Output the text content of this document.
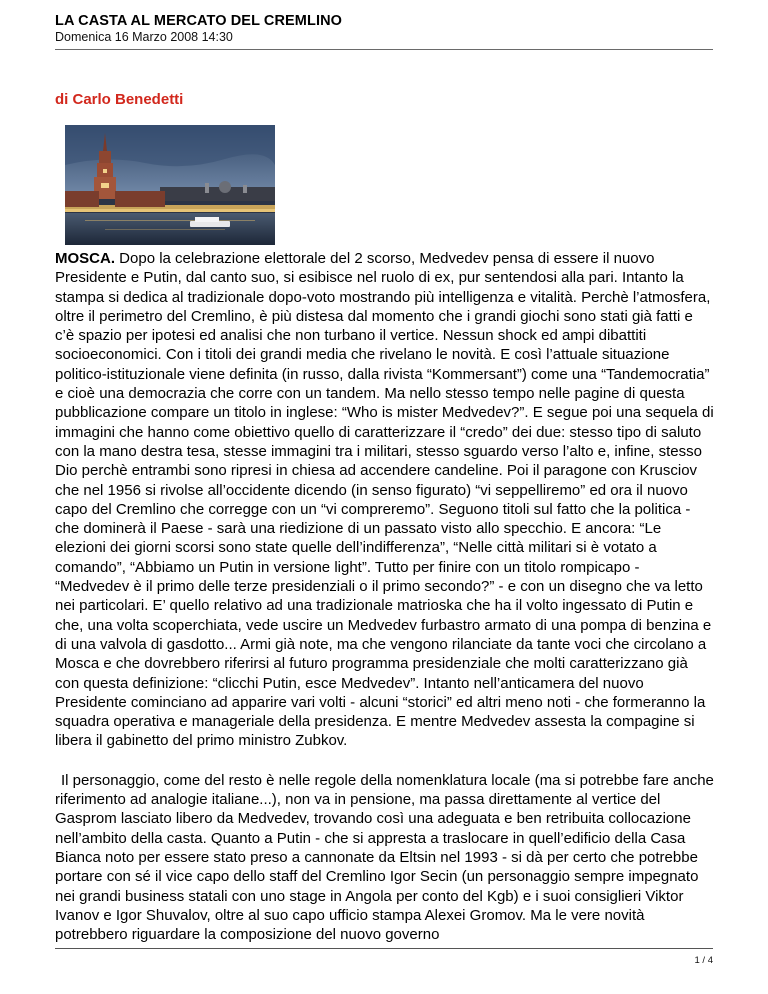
LA CASTA AL MERCATO DEL CREMLINO
Domenica 16 Marzo 2008 14:30
di Carlo Benedetti

MOSCA. Dopo la celebrazione elettorale del 2 scorso, Medvedev pensa di essere il nuovo Presidente e Putin, dal canto suo, si esibisce nel ruolo di ex, pur sentendosi alla pari. Intanto la stampa si dedica al tradizionale dopo-voto mostrando più intelligenza e vitalità. Perchè l’atmosfera, oltre il perimetro del Cremlino, è più distesa dal momento che i grandi giochi sono stati già fatti e c’è spazio per ipotesi ed analisi che non turbano il vertice. Nessun shock ed ampi dibattiti socioeconomici. Con i titoli dei grandi media che rivelano le novità. E così l’attuale situazione politico-istituzionale viene definita (in russo, dalla rivista “Kommersant”) come una “Tandemocratia” e cioè una democrazia che corre con un tandem. Ma nello stesso tempo nelle pagine di questa pubblicazione compare un titolo in inglese: “Who is mister Medvedev?”. E segue poi una sequela di immagini che hanno come obiettivo quello di caratterizzare il “credo” dei due: stesso tipo di saluto con la mano destra tesa, stesse immagini tra i militari, stesso sguardo verso l’alto e, infine, stesso Dio perchè entrambi sono ripresi in chiesa ad accendere candeline. Poi il paragone con Krusciov che nel 1956 si rivolse all’occidente dicendo (in senso figurato) “vi seppelliremo” ed ora il nuovo capo del Cremlino che corregge con un “vi compreremo”. Seguono titoli sul fatto che la politica - che dominerà il Paese - sarà una riedizione di un passato visto allo specchio. E ancora: “Le elezioni dei giorni scorsi sono state quelle dell’indifferenza”, “Nelle città militari si è votato a comando”, “Abbiamo un Putin in versione light”. Tutto per finire con un titolo rompicapo - “Medvedev è il primo delle terze presidenziali o il primo secondo?” - e con un disegno che va letto nei particolari. E’ quello relativo ad una tradizionale matrioska che ha il volto ingessato di Putin e che, una volta scoperchiata, vede uscire un Medvedev furbastro armato di una pompa di benzina e di una valvola di gasdotto... Armi già note, ma che vengono rilanciate da tante voci che circolano a Mosca e che dovrebbero riferirsi al futuro programma presidenziale che molti caratterizzano già con questa definizione: “clicchi Putin, esce Medvedev”. Intanto nell’anticamera del nuovo Presidente cominciano ad apparire vari volti - alcuni “storici” ed altri meno noti - che formeranno la squadra operativa e manageriale della presidenza. E mentre Medvedev assesta la compagine si libera il gabinetto del primo ministro Zubkov.

Il personaggio, come del resto è nelle regole della nomenklatura locale (ma si potrebbe fare anche riferimento ad analogie italiane...), non va in pensione, ma passa direttamente al vertice del Gasprom lasciato libero da Medvedev, trovando così una adeguata e ben retribuita collocazione nell’ambito della casta. Quanto a Putin - che si appresta a traslocare in quell’edificio della Casa Bianca noto per essere stato preso a cannonate da Eltsin nel 1993 - si dà per certo che potrebbe portare con sé il vice capo dello staff del Cremlino Igor Secin (un personaggio sempre impegnato nei grandi business statali con uno stage in Angola per conto del Kgb) e i suoi consiglieri Viktor Ivanov e Igor Shuvalov, oltre al suo capo ufficio stampa Alexei Gromov. Ma le vere novità potrebbero riguardare la composizione del nuovo governo

1 / 4
